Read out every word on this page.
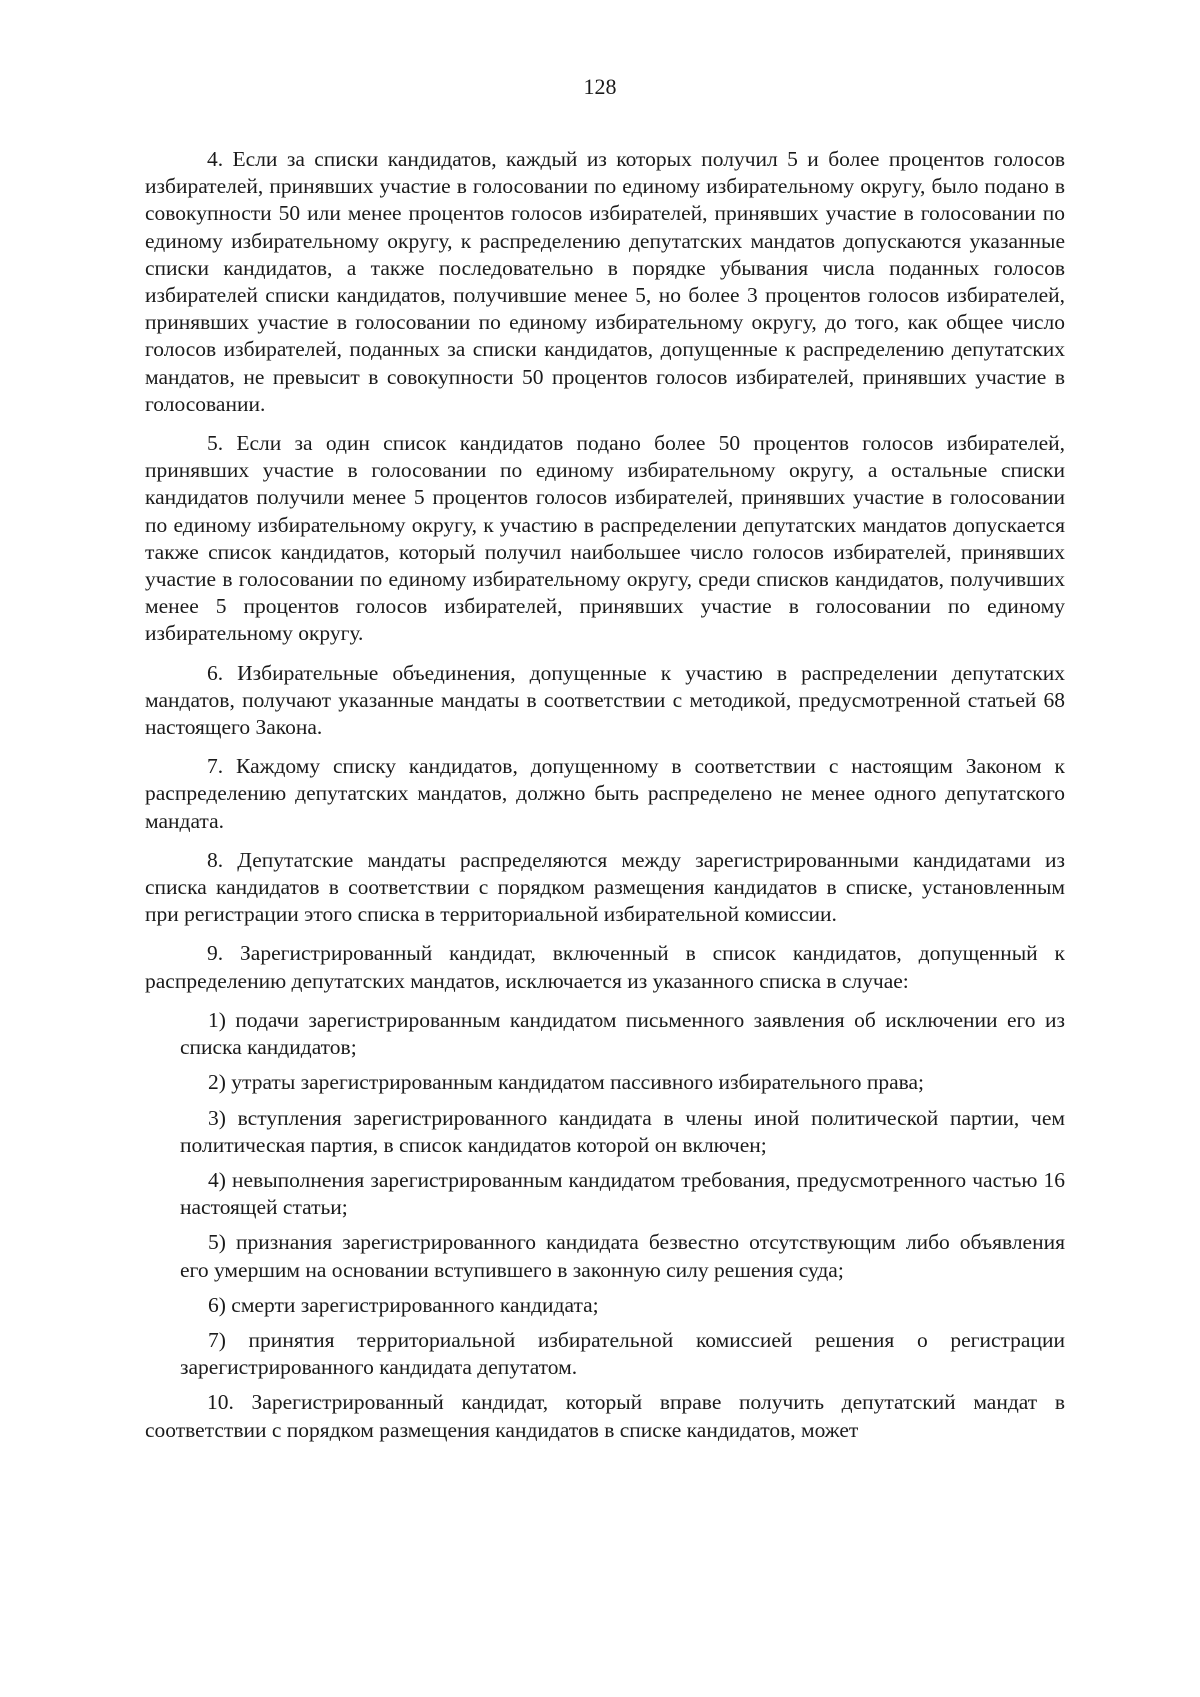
128

4. Если за списки кандидатов, каждый из которых получил 5 и более процентов голосов избирателей, принявших участие в голосовании по единому избирательному округу, было подано в совокупности 50 или менее процентов голосов избирателей, принявших участие в голосовании по единому избирательному округу, к распределению депутатских мандатов допускаются указанные списки кандидатов, а также последовательно в порядке убывания числа поданных голосов избирателей списки кандидатов, получившие менее 5, но более 3 процентов голосов избирателей, принявших участие в голосовании по единому избирательному округу, до того, как общее число голосов избирателей, поданных за списки кандидатов, допущенные к распределению депутатских мандатов, не превысит в совокупности 50 процентов голосов избирателей, принявших участие в голосовании.

5. Если за один список кандидатов подано более 50 процентов голосов избирателей, принявших участие в голосовании по единому избирательному округу, а остальные списки кандидатов получили менее 5 процентов голосов избирателей, принявших участие в голосовании по единому избирательному округу, к участию в распределении депутатских мандатов допускается также список кандидатов, который получил наибольшее число голосов избирателей, принявших участие в голосовании по единому избирательному округу, среди списков кандидатов, получивших менее 5 процентов голосов избирателей, принявших участие в голосовании по единому избирательному округу.

6. Избирательные объединения, допущенные к участию в распределении депутатских мандатов, получают указанные мандаты в соответствии с методикой, предусмотренной статьей 68 настоящего Закона.

7. Каждому списку кандидатов, допущенному в соответствии с настоящим Законом к распределению депутатских мандатов, должно быть распределено не менее одного депутатского мандата.

8. Депутатские мандаты распределяются между зарегистрированными кандидатами из списка кандидатов в соответствии с порядком размещения кандидатов в списке, установленным при регистрации этого списка в территориальной избирательной комиссии.

9. Зарегистрированный кандидат, включенный в список кандидатов, допущенный к распределению депутатских мандатов, исключается из указанного списка в случае:

1) подачи зарегистрированным кандидатом письменного заявления об исключении его из списка кандидатов;

2) утраты зарегистрированным кандидатом пассивного избирательного права;

3) вступления зарегистрированного кандидата в члены иной политической партии, чем политическая партия, в список кандидатов которой он включен;

4) невыполнения зарегистрированным кандидатом требования, предусмотренного частью 16 настоящей статьи;

5) признания зарегистрированного кандидата безвестно отсутствующим либо объявления его умершим на основании вступившего в законную силу решения суда;

6) смерти зарегистрированного кандидата;

7) принятия территориальной избирательной комиссией решения о регистрации зарегистрированного кандидата депутатом.

10. Зарегистрированный кандидат, который вправе получить депутатский мандат в соответствии с порядком размещения кандидатов в списке кандидатов, может
